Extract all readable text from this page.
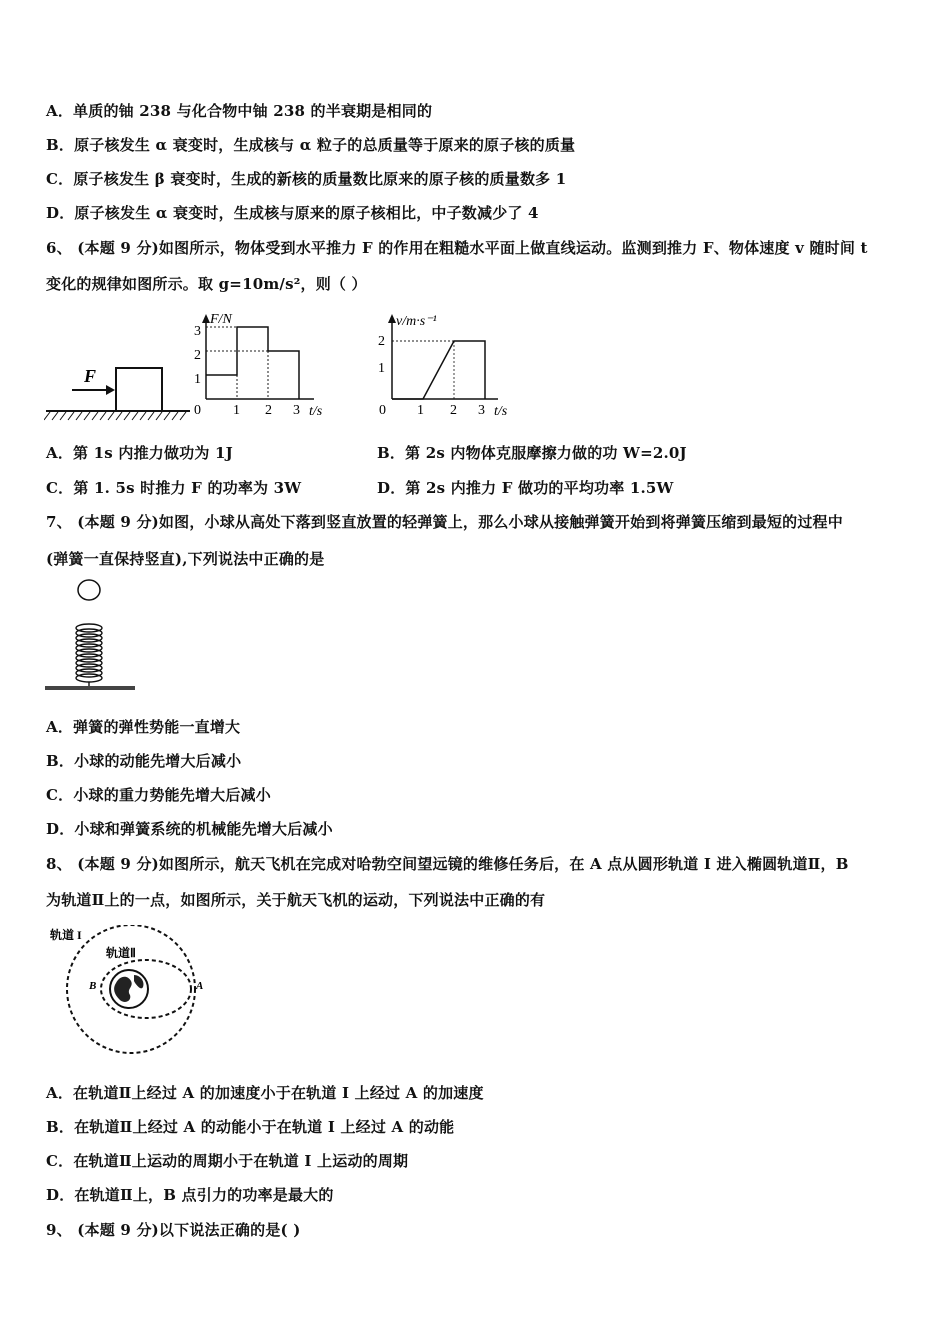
A．单质的铀 238 与化合物中铀 238 的半衰期是相同的
B．原子核发生 α 衰变时，生成核与 α 粒子的总质量等于原来的原子核的质量
C．原子核发生 β 衰变时，生成的新核的质量数比原来的原子核的质量数多 1
D．原子核发生 α 衰变时，生成核与原来的原子核相比，中子数减少了 4
6、 (本题 9 分)如图所示，物体受到水平推力 F 的作用在粗糙水平面上做直线运动。监测到推力 F、物体速度 v 随时间 t
变化的规律如图所示。取 g=10m/s²，则（ ）
F
F/N
t/s
0 1 2 3
1
2
3
v/m·s⁻¹
t/s
0 1 2 3
1
2
A．第 1s 内推力做功为 1J	B．第 2s 内物体克服摩擦力做的功 W=2.0J
C．第 1. 5s 时推力 F 的功率为 3W	D．第 2s 内推力 F 做功的平均功率 1.5W
7、 (本题 9 分)如图，小球从高处下落到竖直放置的轻弹簧上，那么小球从接触弹簧开始到将弹簧压缩到最短的过程中
(弹簧一直保持竖直),下列说法中正确的是
A．弹簧的弹性势能一直增大
B．小球的动能先增大后减小
C．小球的重力势能先增大后减小
D．小球和弹簧系统的机械能先增大后减小
8、 (本题 9 分)如图所示，航天飞机在完成对哈勃空间望远镜的维修任务后，在 A 点从圆形轨道 I 进入椭圆轨道Ⅱ，B
为轨道Ⅱ上的一点，如图所示，关于航天飞机的运动，下列说法中正确的有
轨道 I
轨道Ⅱ
A
B
A．在轨道Ⅱ上经过 A 的加速度小于在轨道 I 上经过 A 的加速度
B．在轨道Ⅱ上经过 A 的动能小于在轨道 I 上经过 A 的动能
C．在轨道Ⅱ上运动的周期小于在轨道 I 上运动的周期
D．在轨道Ⅱ上，B 点引力的功率是最大的
9、 (本题 9 分)以下说法正确的是( )
